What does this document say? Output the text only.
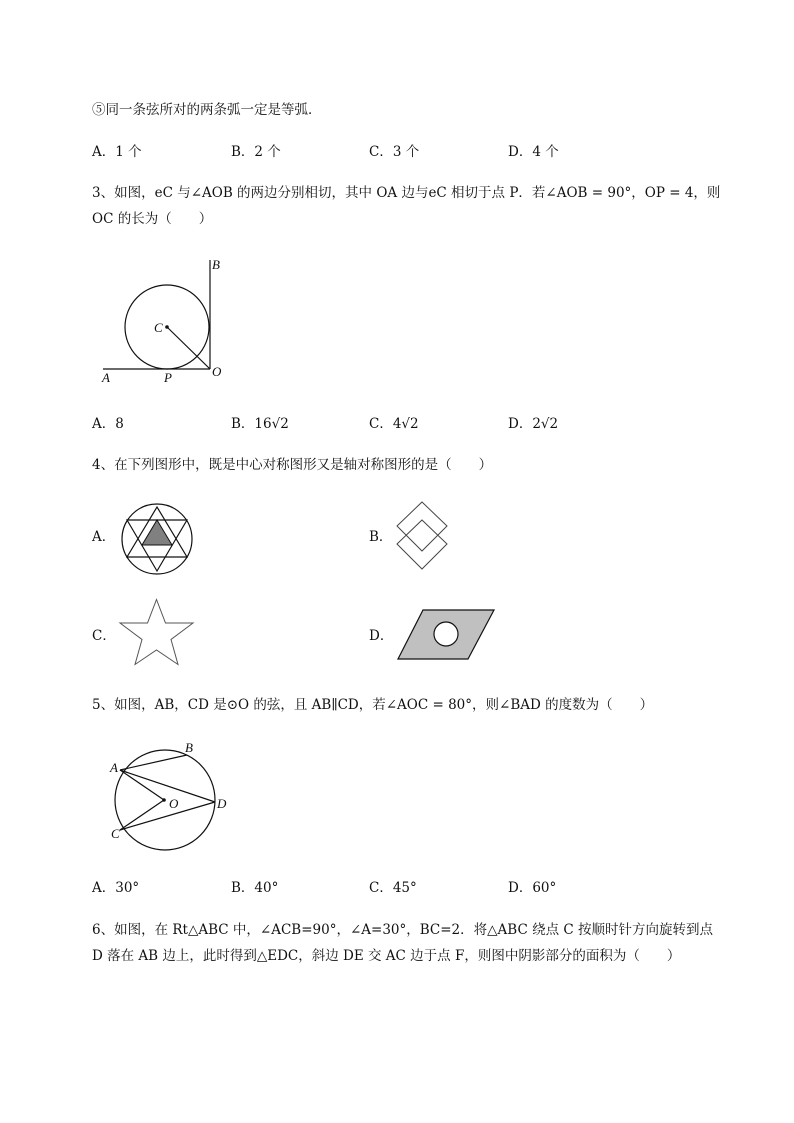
⑤同一条弦所对的两条弧一定是等弧．
A．1 个	B．2 个	C．3 个	D．4 个
3、如图，eC 与∠AOB 的两边分别相切，其中 OA 边与eC 相切于点 P．若∠AOB = 90°，OP = 4，则
OC 的长为（　　）
B
C
A	P	O
A．8	B．16√2	C．4√2	D．2√2
4、在下列图形中，既是中心对称图形又是轴对称图形的是（　　）
A．	B．
C．	D．
5、如图，AB，CD 是⊙O 的弦，且 AB∥CD，若∠AOC = 80°，则∠BAD 的度数为（　　）
A
B
C
D
O
A．30°	B．40°	C．45°	D．60°
6、如图，在 Rt△ABC 中，∠ACB=90°，∠A=30°，BC=2．将△ABC 绕点 C 按顺时针方向旋转到点
D 落在 AB 边上，此时得到△EDC，斜边 DE 交 AC 边于点 F，则图中阴影部分的面积为（　　）
